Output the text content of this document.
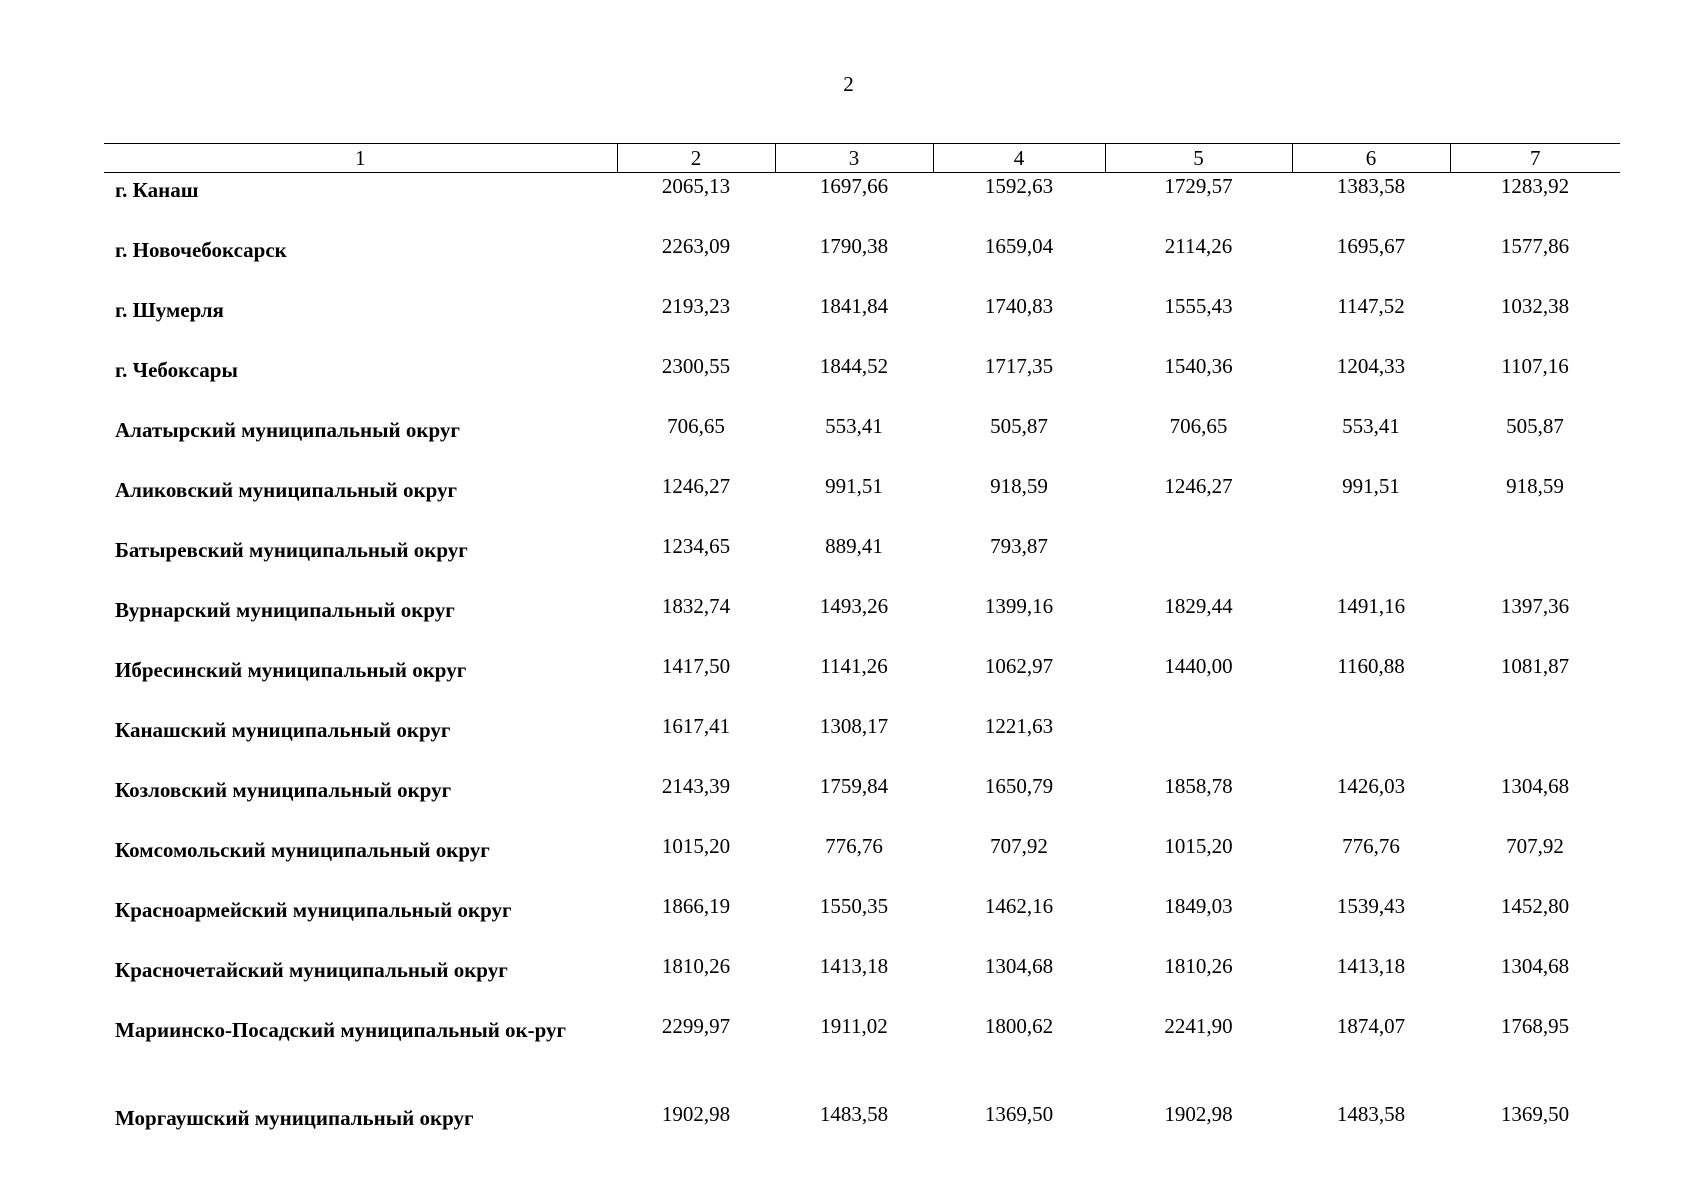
2
1	2	3	4	5	6	7
г. Канаш	2065,13	1697,66	1592,63	1729,57	1383,58	1283,92
г. Новочебоксарск	2263,09	1790,38	1659,04	2114,26	1695,67	1577,86
г. Шумерля	2193,23	1841,84	1740,83	1555,43	1147,52	1032,38
г. Чебоксары	2300,55	1844,52	1717,35	1540,36	1204,33	1107,16
Алатырский муниципальный округ	706,65	553,41	505,87	706,65	553,41	505,87
Аликовский муниципальный округ	1246,27	991,51	918,59	1246,27	991,51	918,59
Батыревский муниципальный округ	1234,65	889,41	793,87			
Вурнарский муниципальный округ	1832,74	1493,26	1399,16	1829,44	1491,16	1397,36
Ибресинский муниципальный округ	1417,50	1141,26	1062,97	1440,00	1160,88	1081,87
Канашский муниципальный округ	1617,41	1308,17	1221,63			
Козловский муниципальный округ	2143,39	1759,84	1650,79	1858,78	1426,03	1304,68
Комсомольский муниципальный округ	1015,20	776,76	707,92	1015,20	776,76	707,92
Красноармейский муниципальный округ	1866,19	1550,35	1462,16	1849,03	1539,43	1452,80
Красночетайский муниципальный округ	1810,26	1413,18	1304,68	1810,26	1413,18	1304,68
Мариинско-Посадский муниципальный ок-руг	2299,97	1911,02	1800,62	2241,90	1874,07	1768,95
Моргаушский муниципальный округ	1902,98	1483,58	1369,50	1902,98	1483,58	1369,50
